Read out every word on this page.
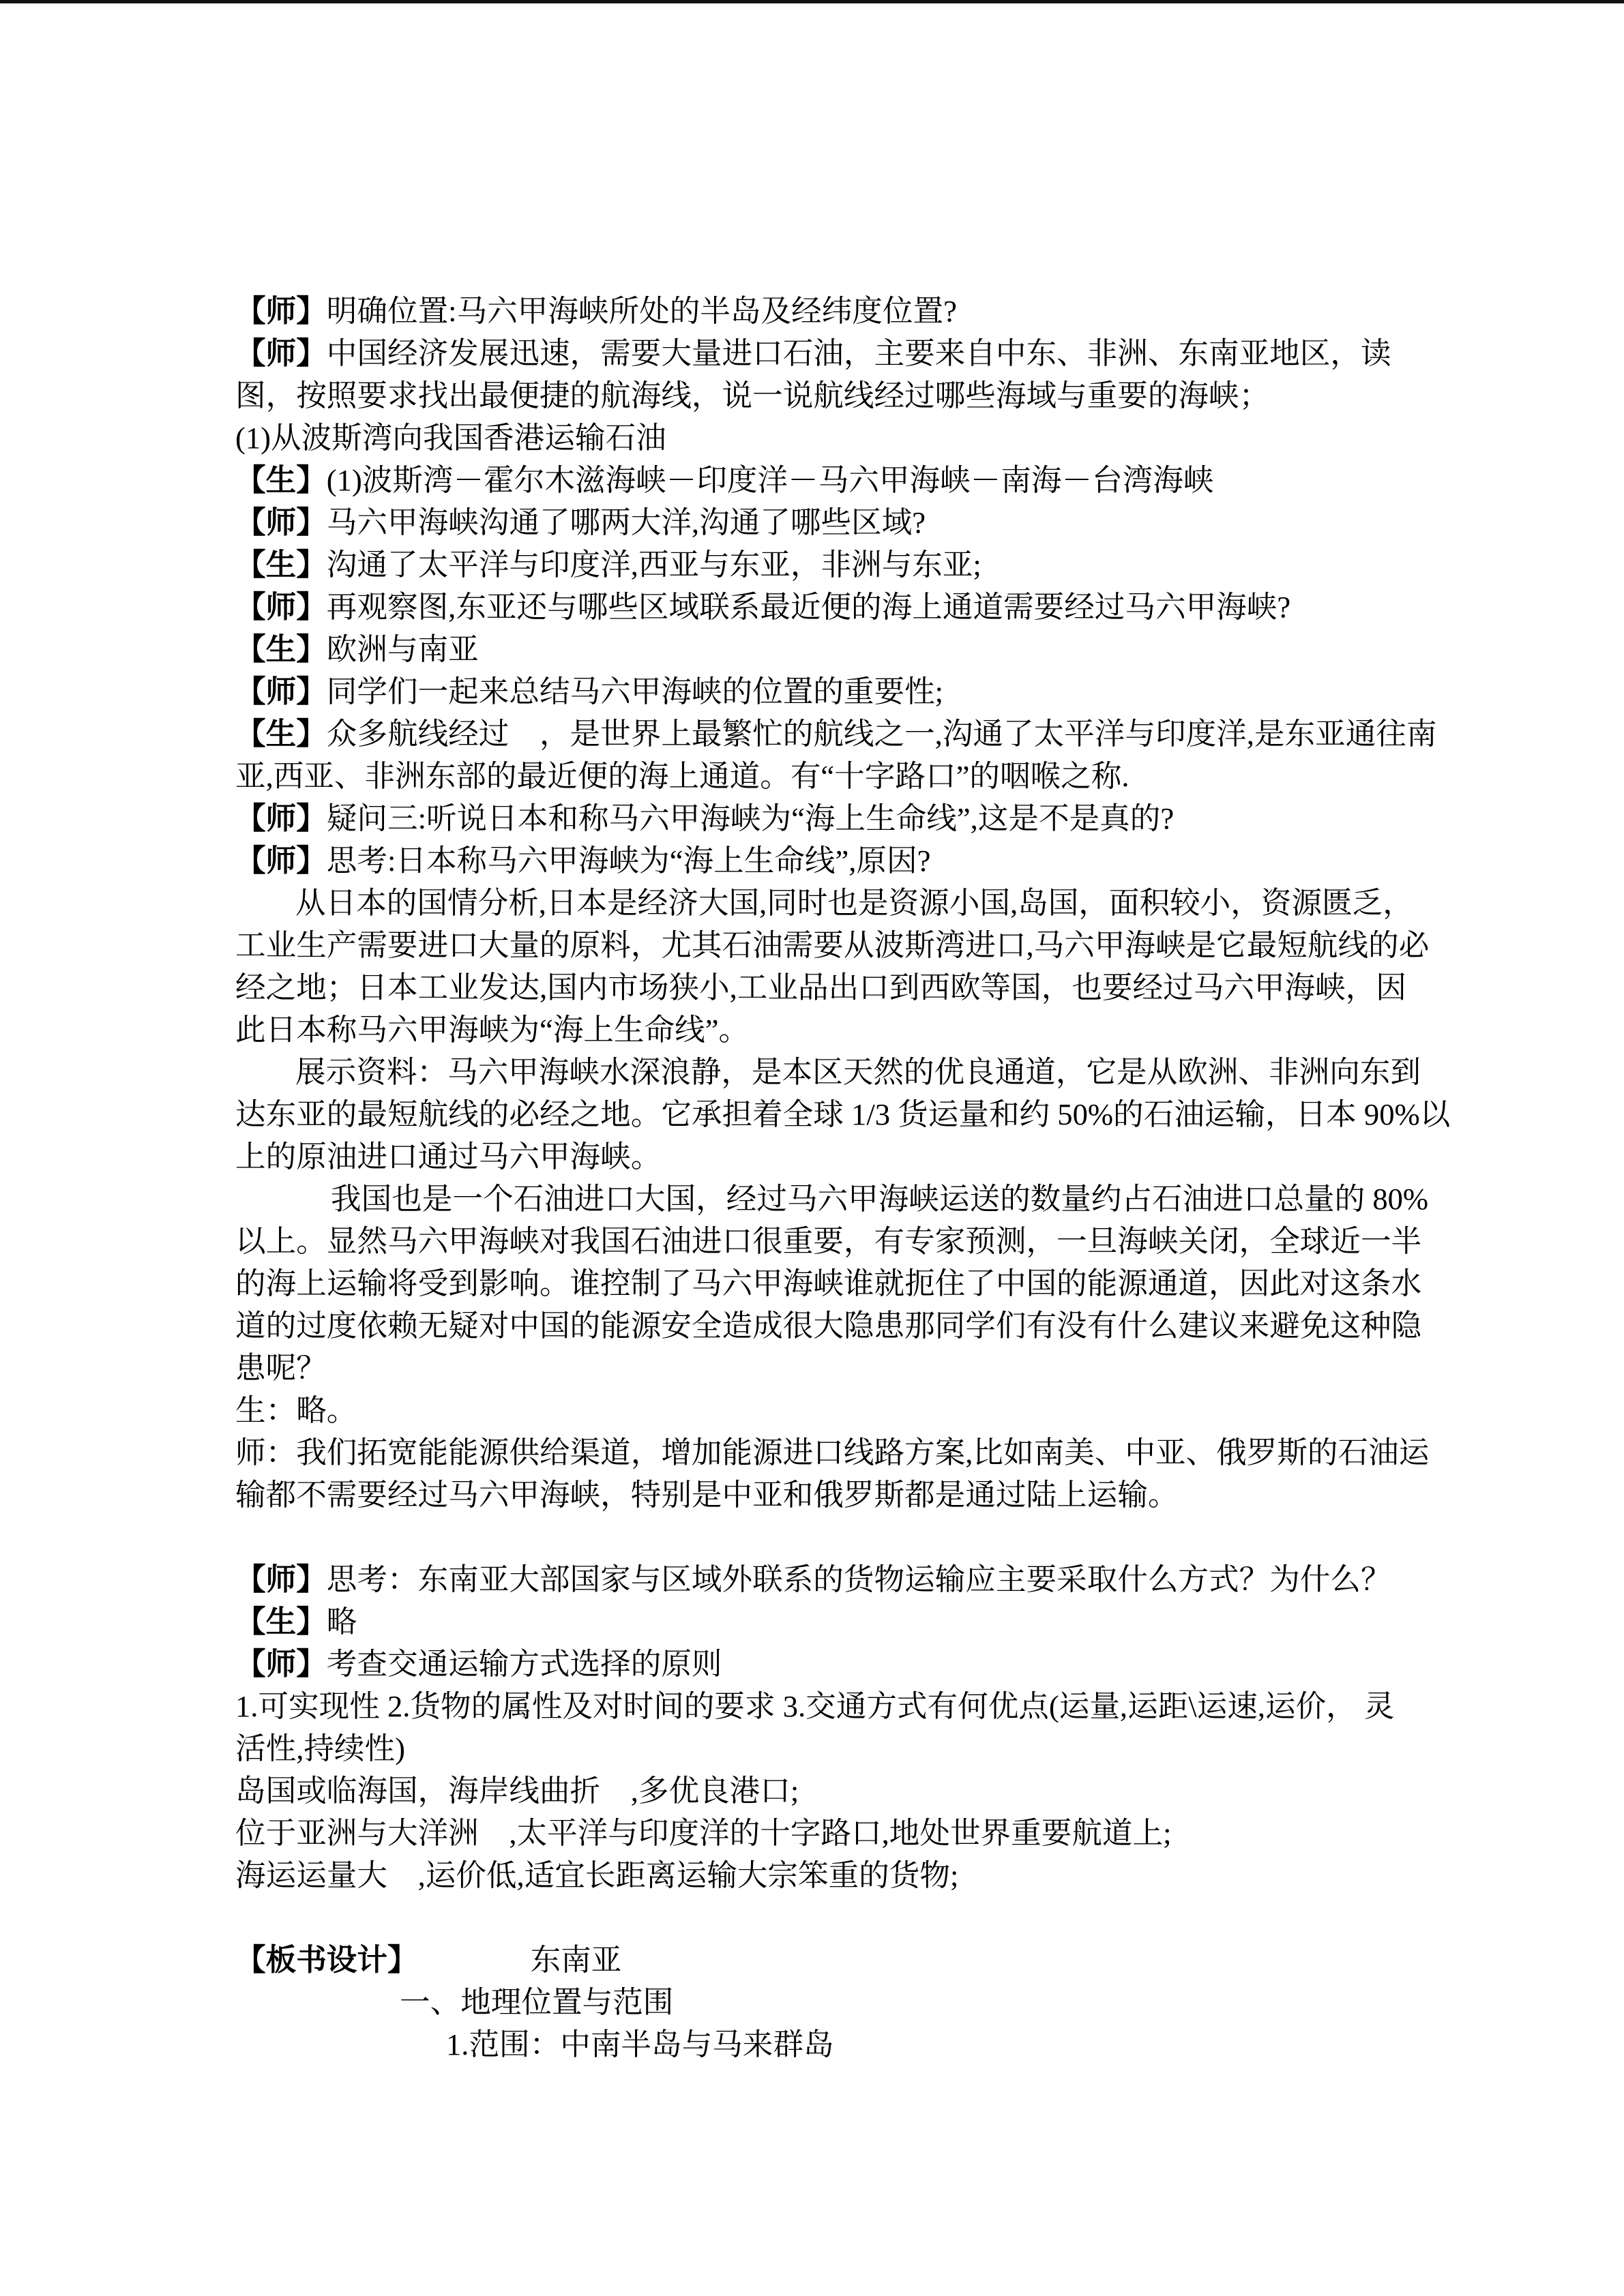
【师】明确位置:马六甲海峡所处的半岛及经纬度位置?
【师】中国经济发展迅速，需要大量进口石油，主要来自中东、非洲、东南亚地区，读
图，按照要求找出最便捷的航海线，说一说航线经过哪些海域与重要的海峡；
(1)从波斯湾向我国香港运输石油
【生】(1)波斯湾－霍尔木滋海峡－印度洋－马六甲海峡－南海－台湾海峡
【师】马六甲海峡沟通了哪两大洋,沟通了哪些区域?
【生】沟通了太平洋与印度洋,西亚与东亚，非洲与东亚;
【师】再观察图,东亚还与哪些区域联系最近便的海上通道需要经过马六甲海峡?
【生】欧洲与南亚
【师】同学们一起来总结马六甲海峡的位置的重要性;
【生】众多航线经过　，是世界上最繁忙的航线之一,沟通了太平洋与印度洋,是东亚通往南
亚,西亚、非洲东部的最近便的海上通道。有“十字路口”的咽喉之称.
【师】疑问三:听说日本和称马六甲海峡为“海上生命线”,这是不是真的?
【师】思考:日本称马六甲海峡为“海上生命线”,原因?
从日本的国情分析,日本是经济大国,同时也是资源小国,岛国，面积较小，资源匮乏，
工业生产需要进口大量的原料，尤其石油需要从波斯湾进口,马六甲海峡是它最短航线的必
经之地；日本工业发达,国内市场狭小,工业品出口到西欧等国，也要经过马六甲海峡，因
此日本称马六甲海峡为“海上生命线”。
展示资料：马六甲海峡水深浪静，是本区天然的优良通道，它是从欧洲、非洲向东到
达东亚的最短航线的必经之地。它承担着全球 1/3 货运量和约 50%的石油运输，日本 90%以
上的原油进口通过马六甲海峡。
我国也是一个石油进口大国，经过马六甲海峡运送的数量约占石油进口总量的 80%
以上。显然马六甲海峡对我国石油进口很重要，有专家预测，一旦海峡关闭，全球近一半
的海上运输将受到影响。谁控制了马六甲海峡谁就扼住了中国的能源通道，因此对这条水
道的过度依赖无疑对中国的能源安全造成很大隐患那同学们有没有什么建议来避免这种隐
患呢？
生：略。
师：我们拓宽能能源供给渠道，增加能源进口线路方案,比如南美、中亚、俄罗斯的石油运
输都不需要经过马六甲海峡，特别是中亚和俄罗斯都是通过陆上运输。
【师】思考：东南亚大部国家与区域外联系的货物运输应主要采取什么方式？为什么？
【生】略
【师】考查交通运输方式选择的原则
1.可实现性 2.货物的属性及对时间的要求 3.交通方式有何优点(运量,运距\运速,运价， 灵
活性,持续性)
岛国或临海国，海岸线曲折　,多优良港口;
位于亚洲与大洋洲　,太平洋与印度洋的十字路口,地处世界重要航道上;
海运运量大　,运价低,适宜长距离运输大宗笨重的货物;
【板书设计】	东南亚
一、地理位置与范围
1.范围：中南半岛与马来群岛
